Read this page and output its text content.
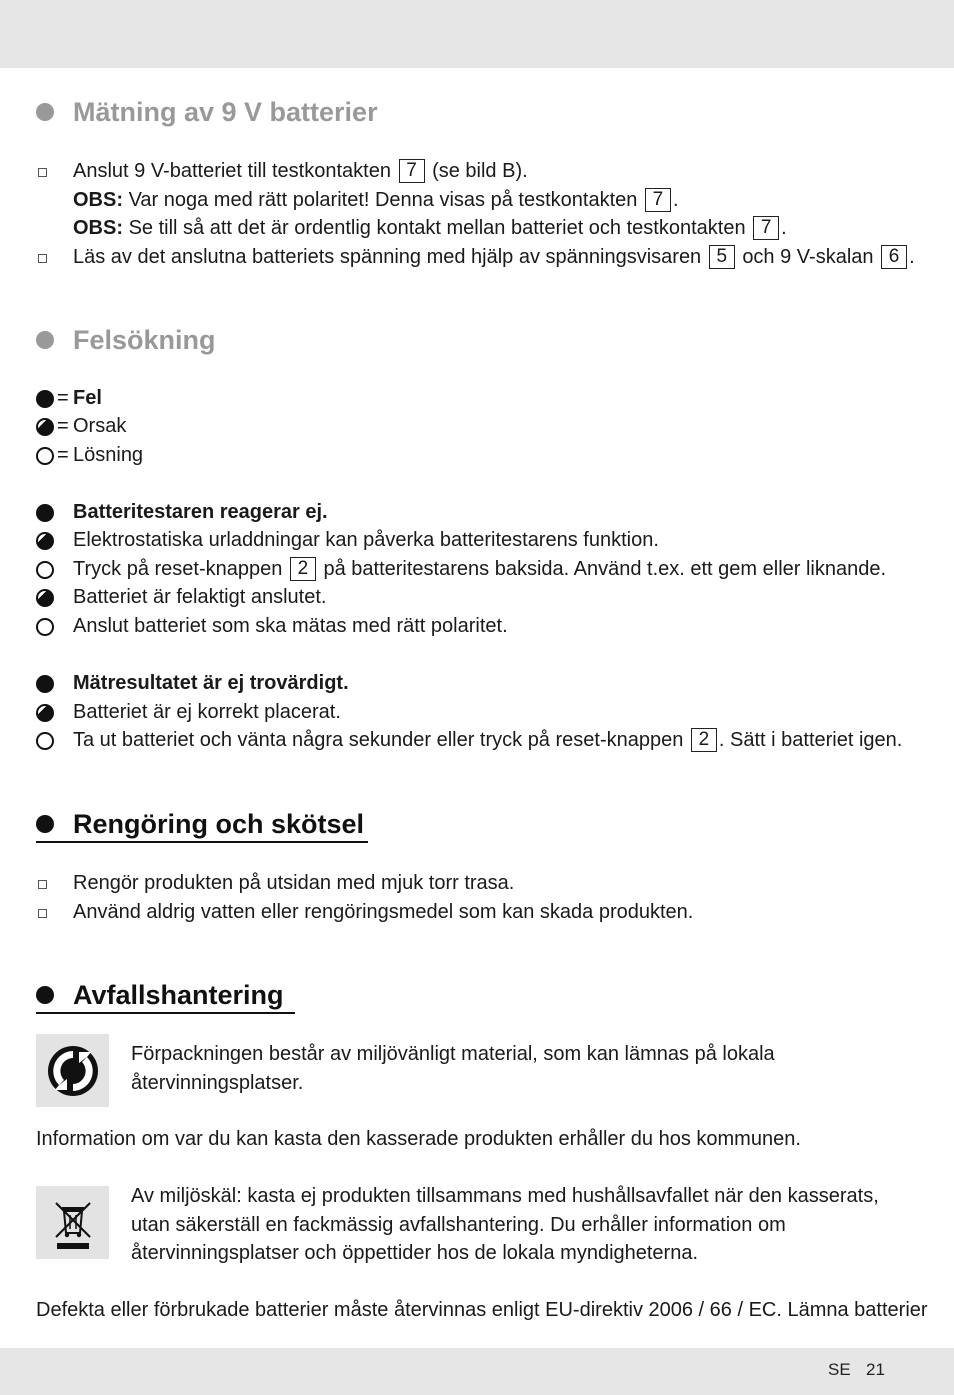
Mätning av 9 V batterier
Anslut 9 V-batteriet till testkontakten 7 (se bild B).
OBS: Var noga med rätt polaritet! Denna visas på testkontakten 7 .
OBS: Se till så att det är ordentlig kontakt mellan batteriet och testkontakten 7 .
Läs av det anslutna batteriets spänning med hjälp av spänningsvisaren 5 och 9 V-skalan 6 .
Felsökning
= Fel
= Orsak
= Lösning
Batteritestaren reagerar ej.
Elektrostatiska urladdningar kan påverka batteritestarens funktion.
Tryck på reset-knappen 2 på batteritestarens baksida. Använd t.ex. ett gem eller liknande.
Batteriet är felaktigt anslutet.
Anslut batteriet som ska mätas med rätt polaritet.
Mätresultatet är ej trovärdigt.
Batteriet är ej korrekt placerat.
Ta ut batteriet och vänta några sekunder eller tryck på reset-knappen 2 . Sätt i batteriet igen.
Rengöring och skötsel
Rengör produkten på utsidan med mjuk torr trasa.
Använd aldrig vatten eller rengöringsmedel som kan skada produkten.
Avfallshantering
Förpackningen består av miljövänligt material, som kan lämnas på lokala återvinningsplatser.
Information om var du kan kasta den kasserade produkten erhåller du hos kommunen.
Av miljöskäl: kasta ej produkten tillsammans med hushållsavfallet när den kasserats, utan säkerställ en fackmässig avfallshantering. Du erhåller information om återvinningsplatser och öppettider hos de lokala myndigheterna.
Defekta eller förbrukade batterier måste återvinnas enligt EU-direktiv 2006 / 66 / EC. Lämna batterier
SE 21
